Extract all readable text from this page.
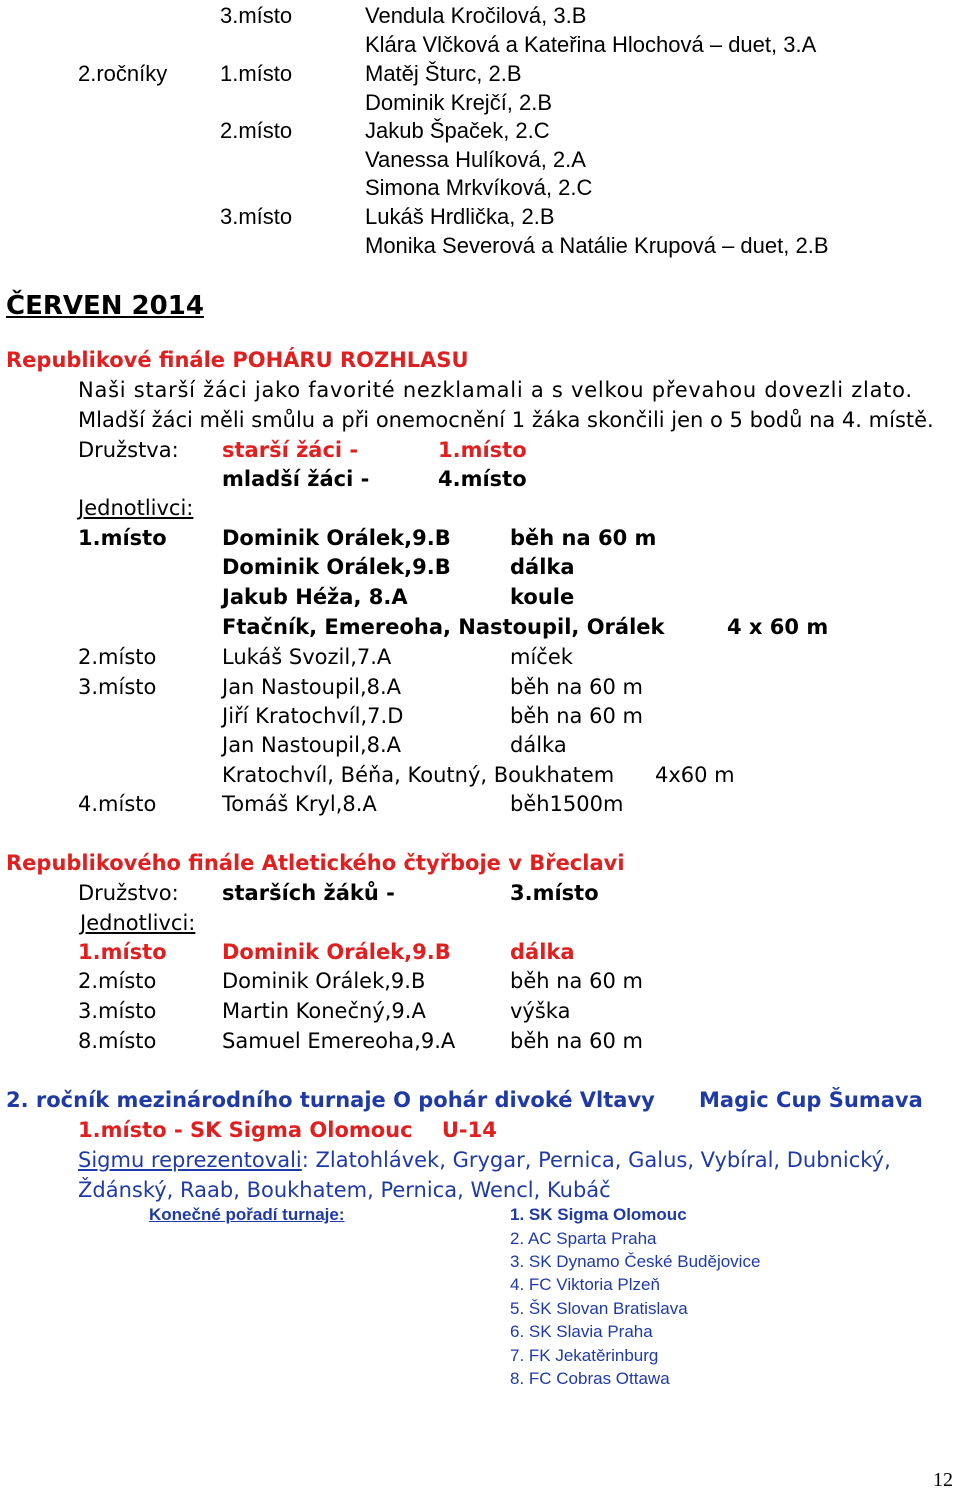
3.místo	Vendula Kročilová, 3.B
Klára Vlčková a Kateřina Hlochová – duet, 3.A
2.ročníky 1.místo	Matěj Šturc, 2.B
Dominik Krejčí, 2.B
2.místo	Jakub Špaček, 2.C
Vanessa Hulíková, 2.A
Simona Mrkvíková, 2.C
3.místo	Lukáš Hrdlička, 2.B
Monika Severová a Natálie Krupová – duet, 2.B
ČERVEN 2014
Republikové finále POHÁRU ROZHLASU
Naši starší žáci jako favorité nezklamali a s velkou převahou dovezli zlato.
Mladší žáci měli smůlu a při onemocnění 1 žáka skončili jen o 5 bodů na 4. místě.
Družstva: starší žáci -	1.místo
mladší žáci -	4.místo
Jednotlivci:
1.místo	Dominik Orálek,9.B	běh na 60 m
Dominik Orálek,9.B	dálka
Jakub Héža, 8.A	koule
Ftačník, Emereoha, Nastoupil, Orálek	4 x 60 m
2.místo	Lukáš Svozil,7.A	míček
3.místo	Jan Nastoupil,8.A	běh na 60 m
Jiří Kratochvíl,7.D	běh na 60 m
Jan Nastoupil,8.A	dálka
Kratochvíl, Béňa, Koutný, Boukhatem 4x60 m
4.místo	Tomáš Kryl,8.A	běh1500m
Republikového finále Atletického čtyřboje v Břeclavi
Družstvo: starších žáků -	3.místo
Jednotlivci:
1.místo	Dominik Orálek,9.B	dálka
2.místo	Dominik Orálek,9.B	běh na 60 m
3.místo	Martin Konečný,9.A	výška
8.místo	Samuel Emereoha,9.A	běh na 60 m
2. ročník mezinárodního turnaje O pohár divoké Vltavy Magic Cup Šumava
1.místo - SK Sigma Olomouc    U-14
Sigmu reprezentovali: Zlatohlávek, Grygar, Pernica, Galus, Vybíral, Dubnický,
Ždánský, Raab, Boukhatem, Pernica, Wencl, Kubáč
Konečné pořadí turnaje:	1. SK Sigma Olomouc
2. AC Sparta Praha
3. SK Dynamo České Budějovice
4. FC Viktoria Plzeň
5. ŠK Slovan Bratislava
6. SK Slavia Praha
7. FK Jekatěrinburg
8. FC Cobras Ottawa
12
